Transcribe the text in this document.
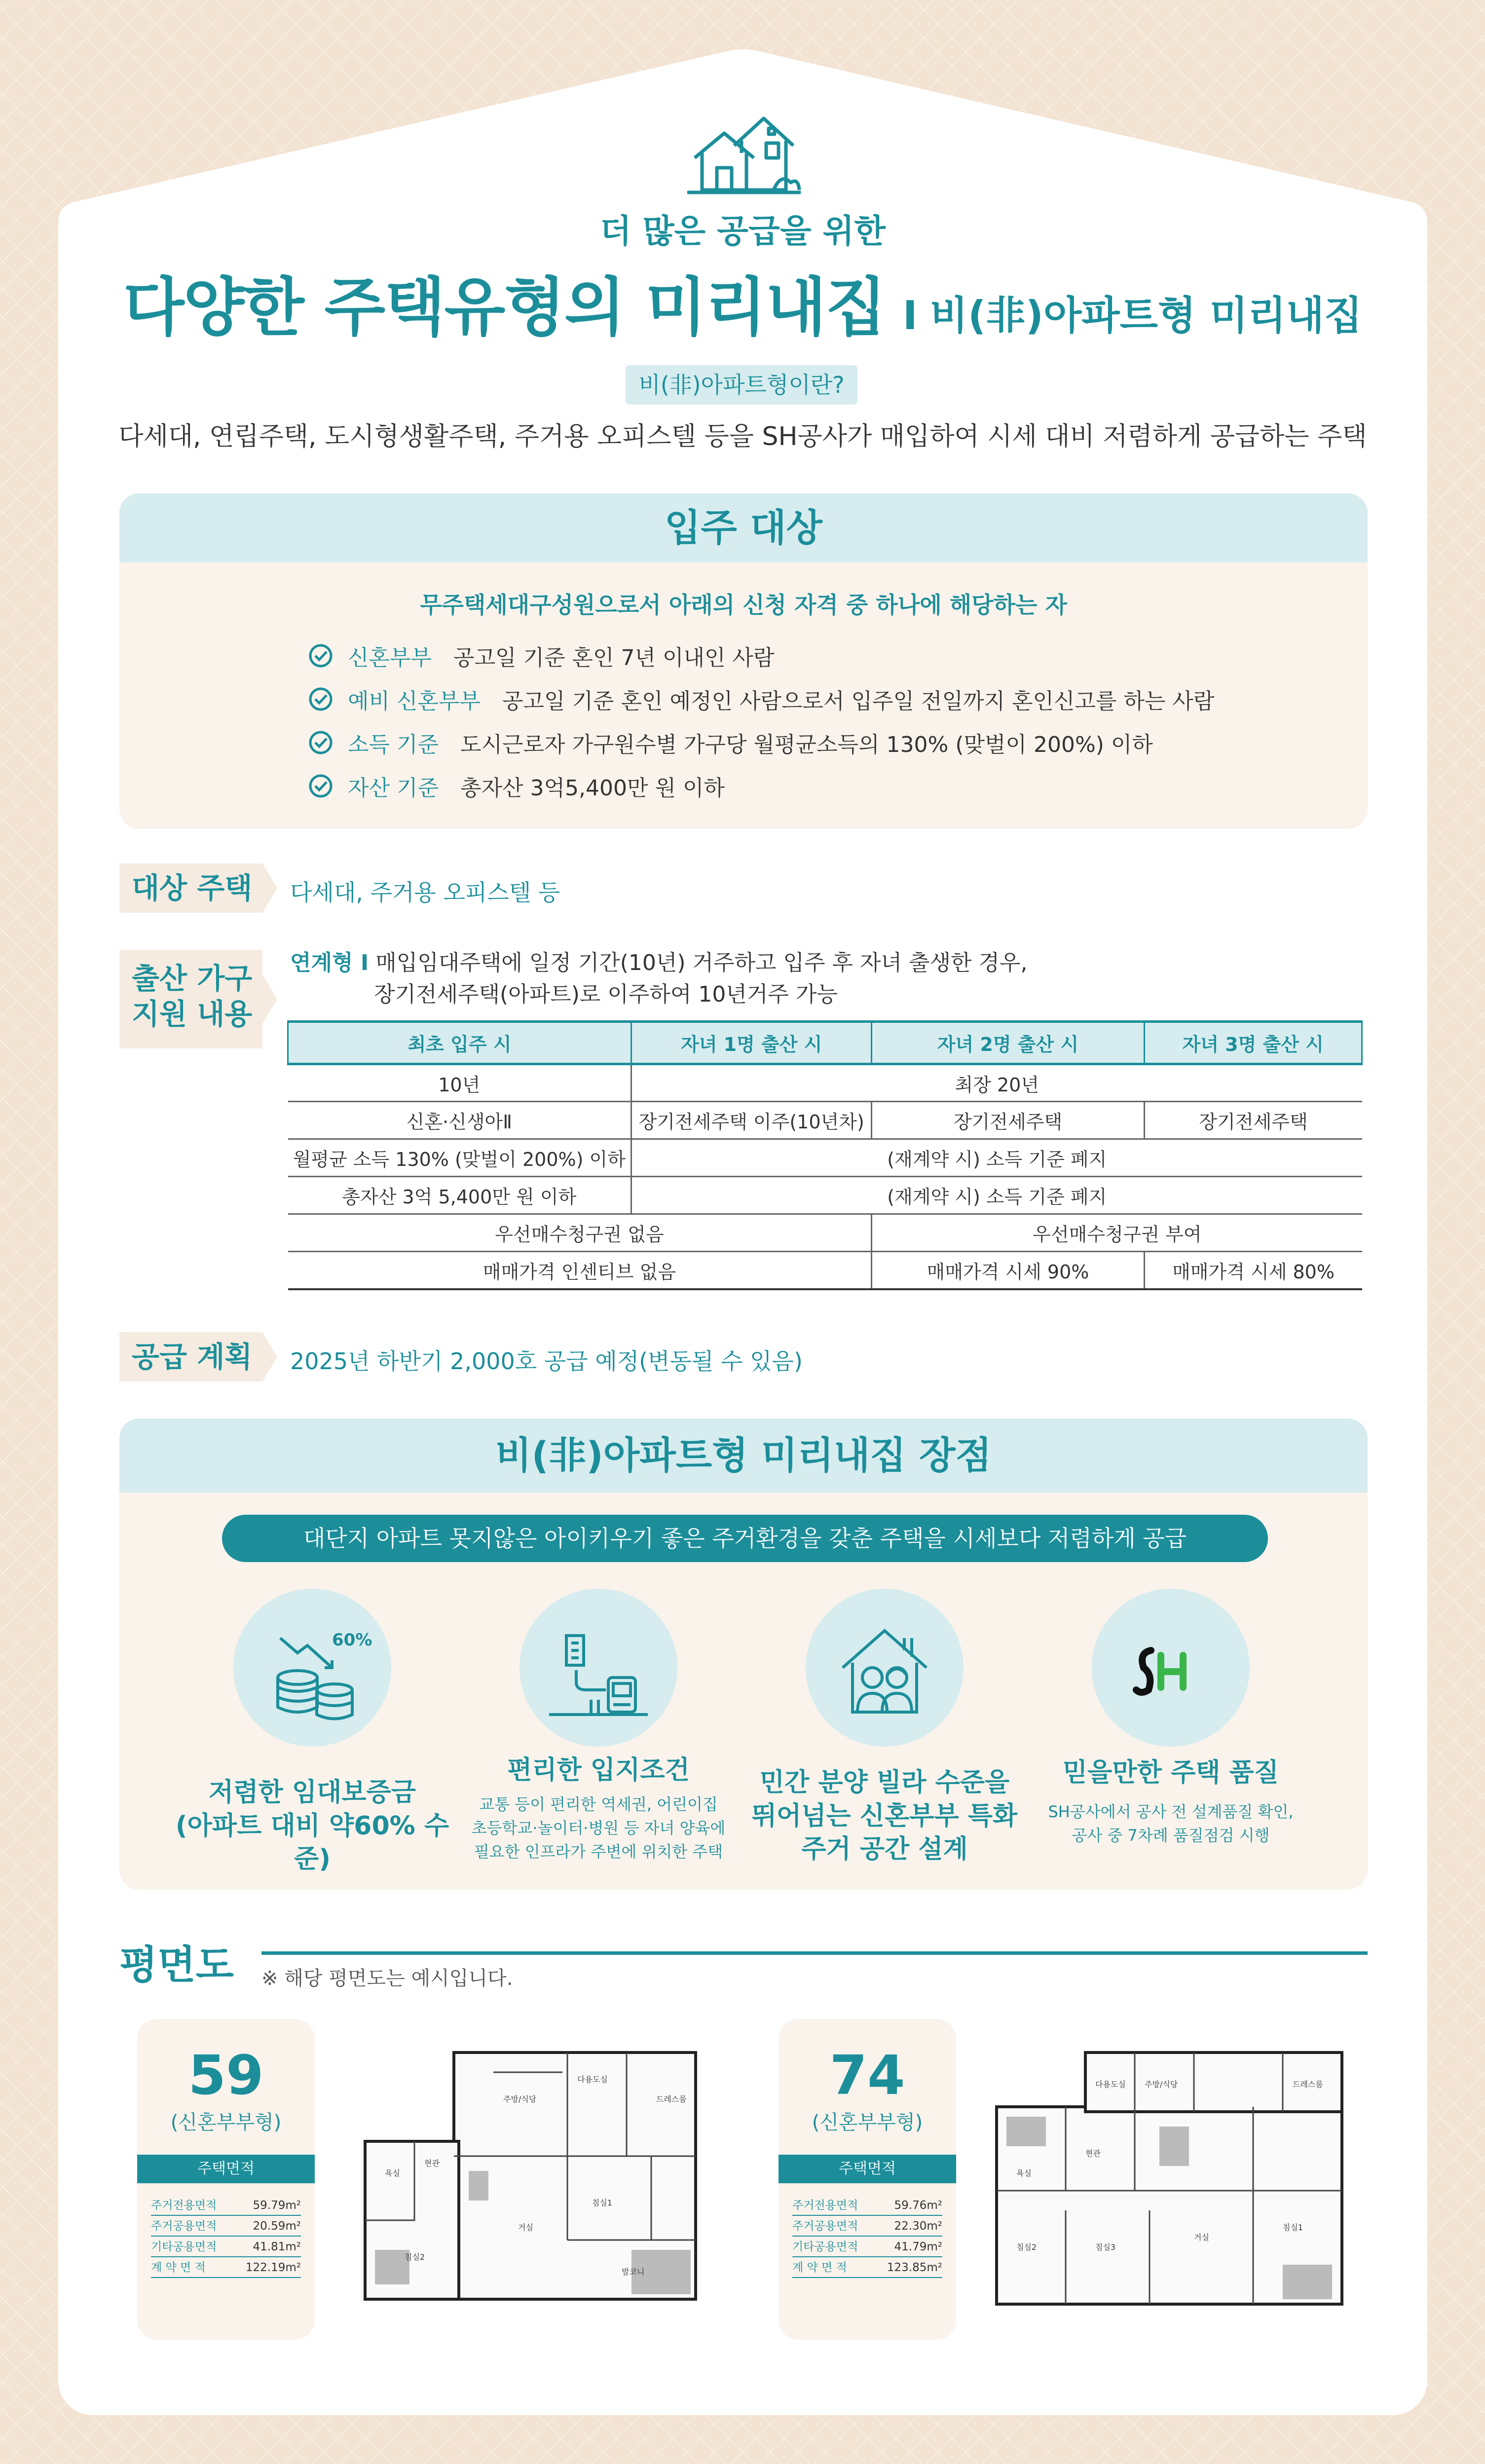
더 많은 공급을 위한
다양한 주택유형의 미리내집 I 비(非)아파트형 미리내집
비(非)아파트형이란?
다세대, 연립주택, 도시형생활주택, 주거용 오피스텔 등을 SH공사가 매입하여 시세 대비 저렴하게 공급하는 주택
입주 대상
무주택세대구성원으로서 아래의 신청 자격 중 하나에 해당하는 자
신혼부부 공고일 기준 혼인 7년 이내인 사람
예비 신혼부부 공고일 기준 혼인 예정인 사람으로서 입주일 전일까지 혼인신고를 하는 사람
소득 기준 도시근로자 가구원수별 가구당 월평균소득의 130% (맞벌이 200%) 이하
자산 기준 총자산 3억5,400만 원 이하
대상 주택	다세대, 주거용 오피스텔 등
출산 가구
지원 내용
연계형 I 매입임대주택에 일정 기간(10년) 거주하고 입주 후 자녀 출생한 경우,
장기전세주택(아파트)로 이주하여 10년거주 가능
최초 입주 시	자녀 1명 출산 시	자녀 2명 출산 시	자녀 3명 출산 시
10년	최장 20년		
신혼·신생아Ⅱ	장기전세주택 이주(10년차)	장기전세주택	장기전세주택
월평균 소득 130% (맞벌이 200%) 이하	(재계약 시) 소득 기준 폐지		
총자산 3억 5,400만 원 이하	(재계약 시) 소득 기준 폐지		
우선매수청구권 없음		우선매수청구권 부여	
매매가격 인센티브 없음		매매가격 시세 90%	매매가격 시세 80%
공급 계획	2025년 하반기 2,000호 공급 예정(변동될 수 있음)
비(非)아파트형 미리내집 장점
대단지 아파트 못지않은 아이키우기 좋은 주거환경을 갖춘 주택을 시세보다 저렴하게 공급
60%
SH
저렴한 임대보증금
(아파트 대비 약60% 수준)
편리한 입지조건
교통 등이 편리한 역세권, 어린이집
초등학교·놀이터·병원 등 자녀 양육에
필요한 인프라가 주변에 위치한 주택
민간 분양 빌라 수준을
뛰어넘는 신혼부부 특화
주거 공간 설계
믿을만한 주택 품질
SH공사에서 공사 전 설계품질 확인,
공사 중 7차례 품질점검 시행
평면도 ※ 해당 평면도는 예시입니다.
59
(신혼부부형)
주택면적
주거전용면적	59.79m²
주거공용면적	20.59m²
기타공용면적	41.81m²
계 약 면 적	122.19m²
주방/식당
거실
침실1
침실2
욕실
드레스룸
발코니
현관
다용도실	74
(신혼부부형)
주택면적
주거전용면적	59.76m²
주거공용면적	22.30m²
기타공용면적	41.79m²
계 약 면 적	123.85m²
주방/식당
거실
침실1
침실2	침실3
욕실
드레스룸
현관
다용도실
